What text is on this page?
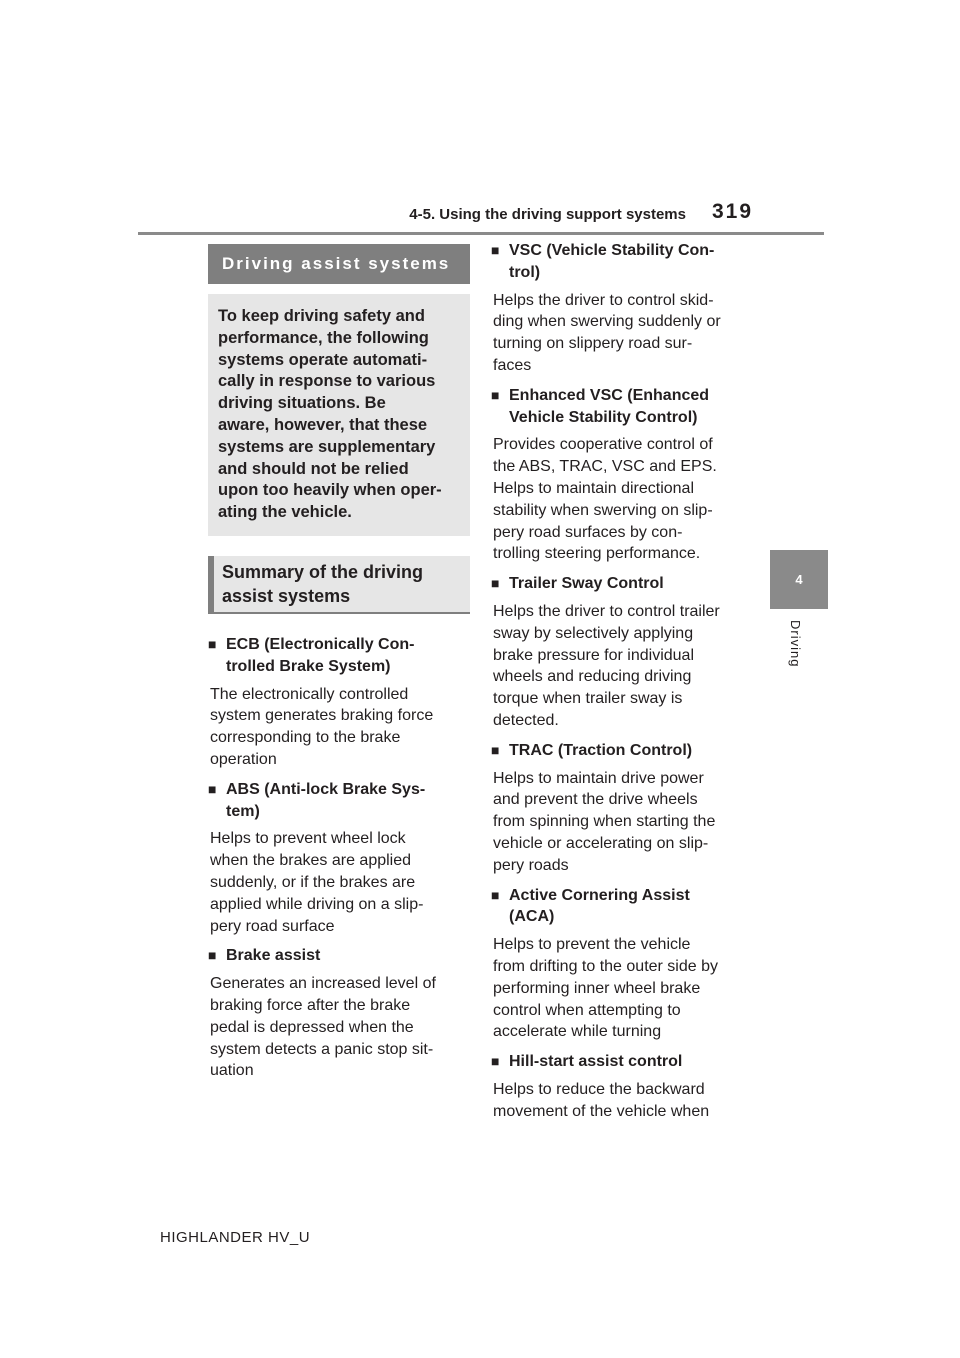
4-5. Using the driving support systems 319
4
Driving
Driving assist systems
To keep driving safety and
performance, the following
systems operate automati-
cally in response to various
driving situations. Be
aware, however, that these
systems are supplementary
and should not be relied
upon too heavily when oper-
ating the vehicle.
Summary of the driving
assist systems

■ ECB (Electronically Con-
trolled Brake System)

The electronically controlled
system generates braking force
corresponding to the brake
operation

■ ABS (Anti-lock Brake Sys-
tem)

Helps to prevent wheel lock
when the brakes are applied
suddenly, or if the brakes are
applied while driving on a slip-
pery road surface

■ Brake assist

Generates an increased level of
braking force after the brake
pedal is depressed when the
system detects a panic stop sit-
uation

■ VSC (Vehicle Stability Con-
trol)

Helps the driver to control skid-
ding when swerving suddenly or
turning on slippery road sur-
faces

■ Enhanced VSC (Enhanced
Vehicle Stability Control)

Provides cooperative control of
the ABS, TRAC, VSC and EPS.
Helps to maintain directional
stability when swerving on slip-
pery road surfaces by con-
trolling steering performance.

■ Trailer Sway Control

Helps the driver to control trailer
sway by selectively applying
brake pressure for individual
wheels and reducing driving
torque when trailer sway is
detected.

■ TRAC (Traction Control)

Helps to maintain drive power
and prevent the drive wheels
from spinning when starting the
vehicle or accelerating on slip-
pery roads

■ Active Cornering Assist
(ACA)

Helps to prevent the vehicle
from drifting to the outer side by
performing inner wheel brake
control when attempting to
accelerate while turning

■ Hill-start assist control

Helps to reduce the backward
movement of the vehicle when
HIGHLANDER HV_U
